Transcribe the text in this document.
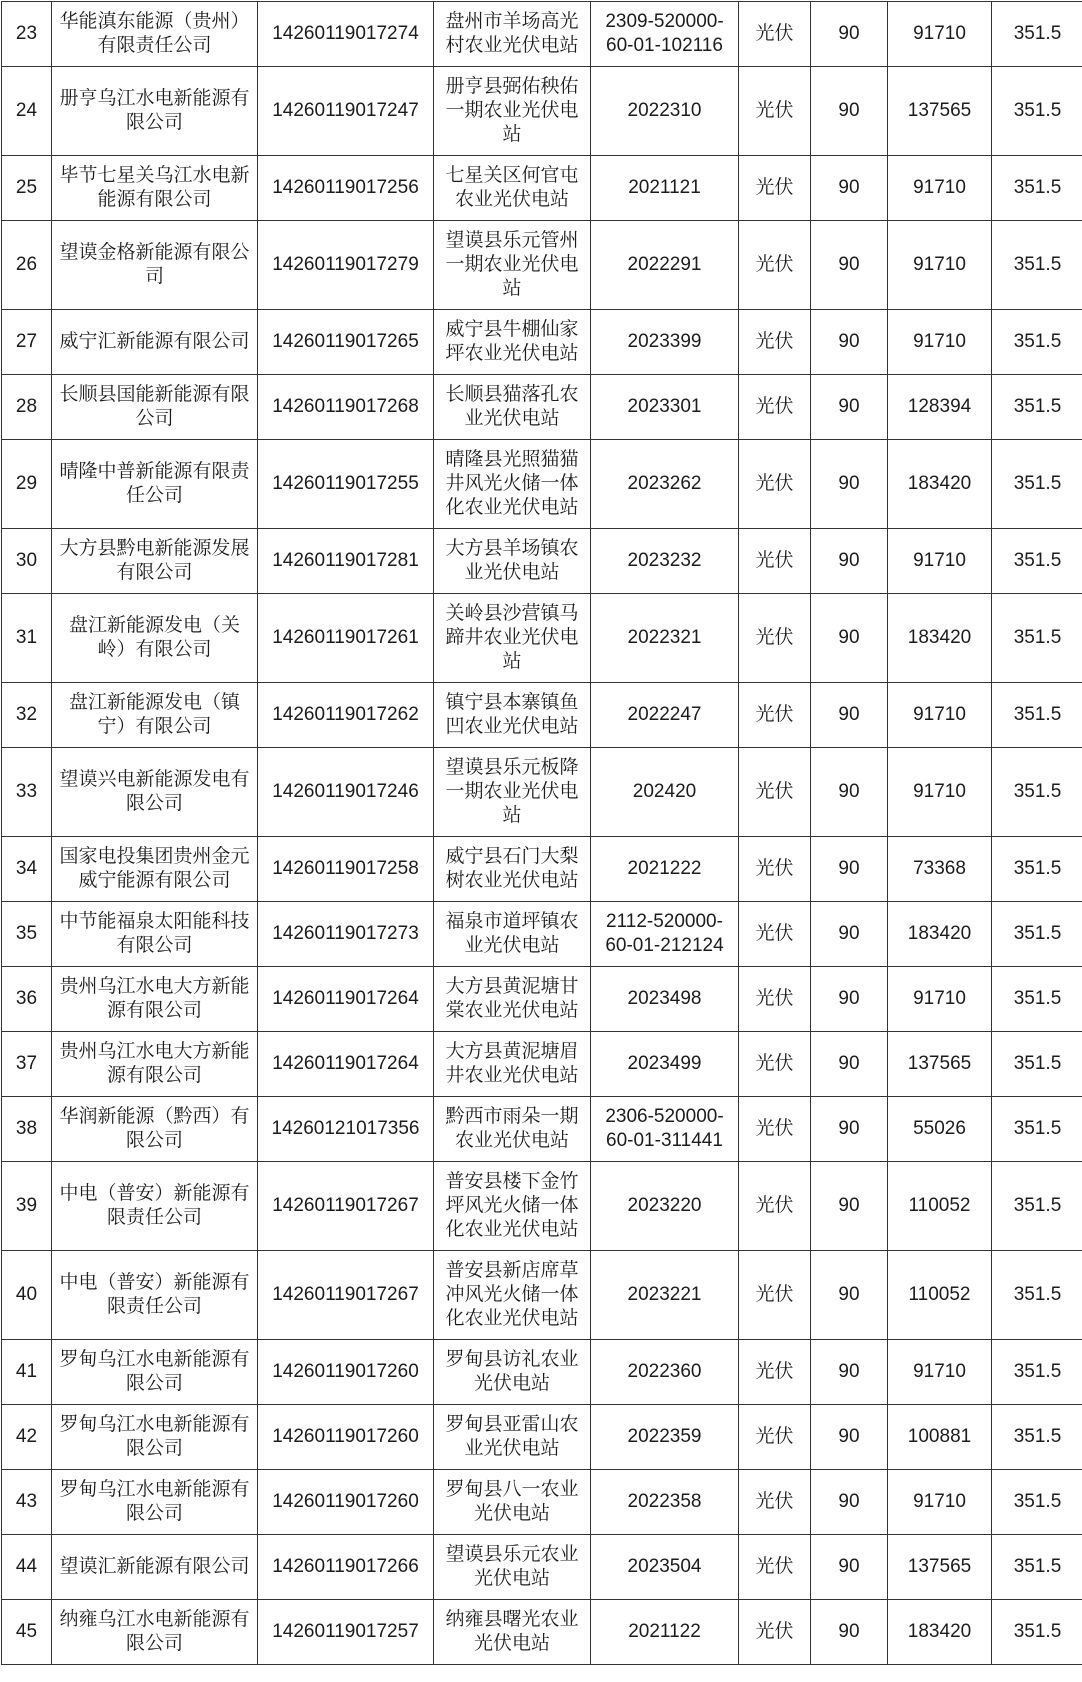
23	华能滇东能源（贵州）有限责任公司	14260119017274	盘州市羊场高光村农业光伏电站	2309-520000-60-01-102116	光伏	90	91710	351.5
24	册亨乌江水电新能源有限公司	14260119017247	册亨县弼佑秧佑一期农业光伏电站	2022310	光伏	90	137565	351.5
25	毕节七星关乌江水电新能源有限公司	14260119017256	七星关区何官屯农业光伏电站	2021121	光伏	90	91710	351.5
26	望谟金格新能源有限公司	14260119017279	望谟县乐元管州一期农业光伏电站	2022291	光伏	90	91710	351.5
27	威宁汇新能源有限公司	14260119017265	威宁县牛棚仙家坪农业光伏电站	2023399	光伏	90	91710	351.5
28	长顺县国能新能源有限公司	14260119017268	长顺县猫落孔农业光伏电站	2023301	光伏	90	128394	351.5
29	晴隆中普新能源有限责任公司	14260119017255	晴隆县光照猫猫井风光火储一体化农业光伏电站	2023262	光伏	90	183420	351.5
30	大方县黔电新能源发展有限公司	14260119017281	大方县羊场镇农业光伏电站	2023232	光伏	90	91710	351.5
31	盘江新能源发电（关岭）有限公司	14260119017261	关岭县沙营镇马蹄井农业光伏电站	2022321	光伏	90	183420	351.5
32	盘江新能源发电（镇宁）有限公司	14260119017262	镇宁县本寨镇鱼凹农业光伏电站	2022247	光伏	90	91710	351.5
33	望谟兴电新能源发电有限公司	14260119017246	望谟县乐元板降一期农业光伏电站	202420	光伏	90	91710	351.5
34	国家电投集团贵州金元威宁能源有限公司	14260119017258	威宁县石门大梨树农业光伏电站	2021222	光伏	90	73368	351.5
35	中节能福泉太阳能科技有限公司	14260119017273	福泉市道坪镇农业光伏电站	2112-520000-60-01-212124	光伏	90	183420	351.5
36	贵州乌江水电大方新能源有限公司	14260119017264	大方县黄泥塘甘棠农业光伏电站	2023498	光伏	90	91710	351.5
37	贵州乌江水电大方新能源有限公司	14260119017264	大方县黄泥塘眉井农业光伏电站	2023499	光伏	90	137565	351.5
38	华润新能源（黔西）有限公司	14260121017356	黔西市雨朵一期农业光伏电站	2306-520000-60-01-311441	光伏	90	55026	351.5
39	中电（普安）新能源有限责任公司	14260119017267	普安县楼下金竹坪风光火储一体化农业光伏电站	2023220	光伏	90	110052	351.5
40	中电（普安）新能源有限责任公司	14260119017267	普安县新店席草冲风光火储一体化农业光伏电站	2023221	光伏	90	110052	351.5
41	罗甸乌江水电新能源有限公司	14260119017260	罗甸县访礼农业光伏电站	2022360	光伏	90	91710	351.5
42	罗甸乌江水电新能源有限公司	14260119017260	罗甸县亚雷山农业光伏电站	2022359	光伏	90	100881	351.5
43	罗甸乌江水电新能源有限公司	14260119017260	罗甸县八一农业光伏电站	2022358	光伏	90	91710	351.5
44	望谟汇新能源有限公司	14260119017266	望谟县乐元农业光伏电站	2023504	光伏	90	137565	351.5
45	纳雍乌江水电新能源有限公司	14260119017257	纳雍县曙光农业光伏电站	2021122	光伏	90	183420	351.5
